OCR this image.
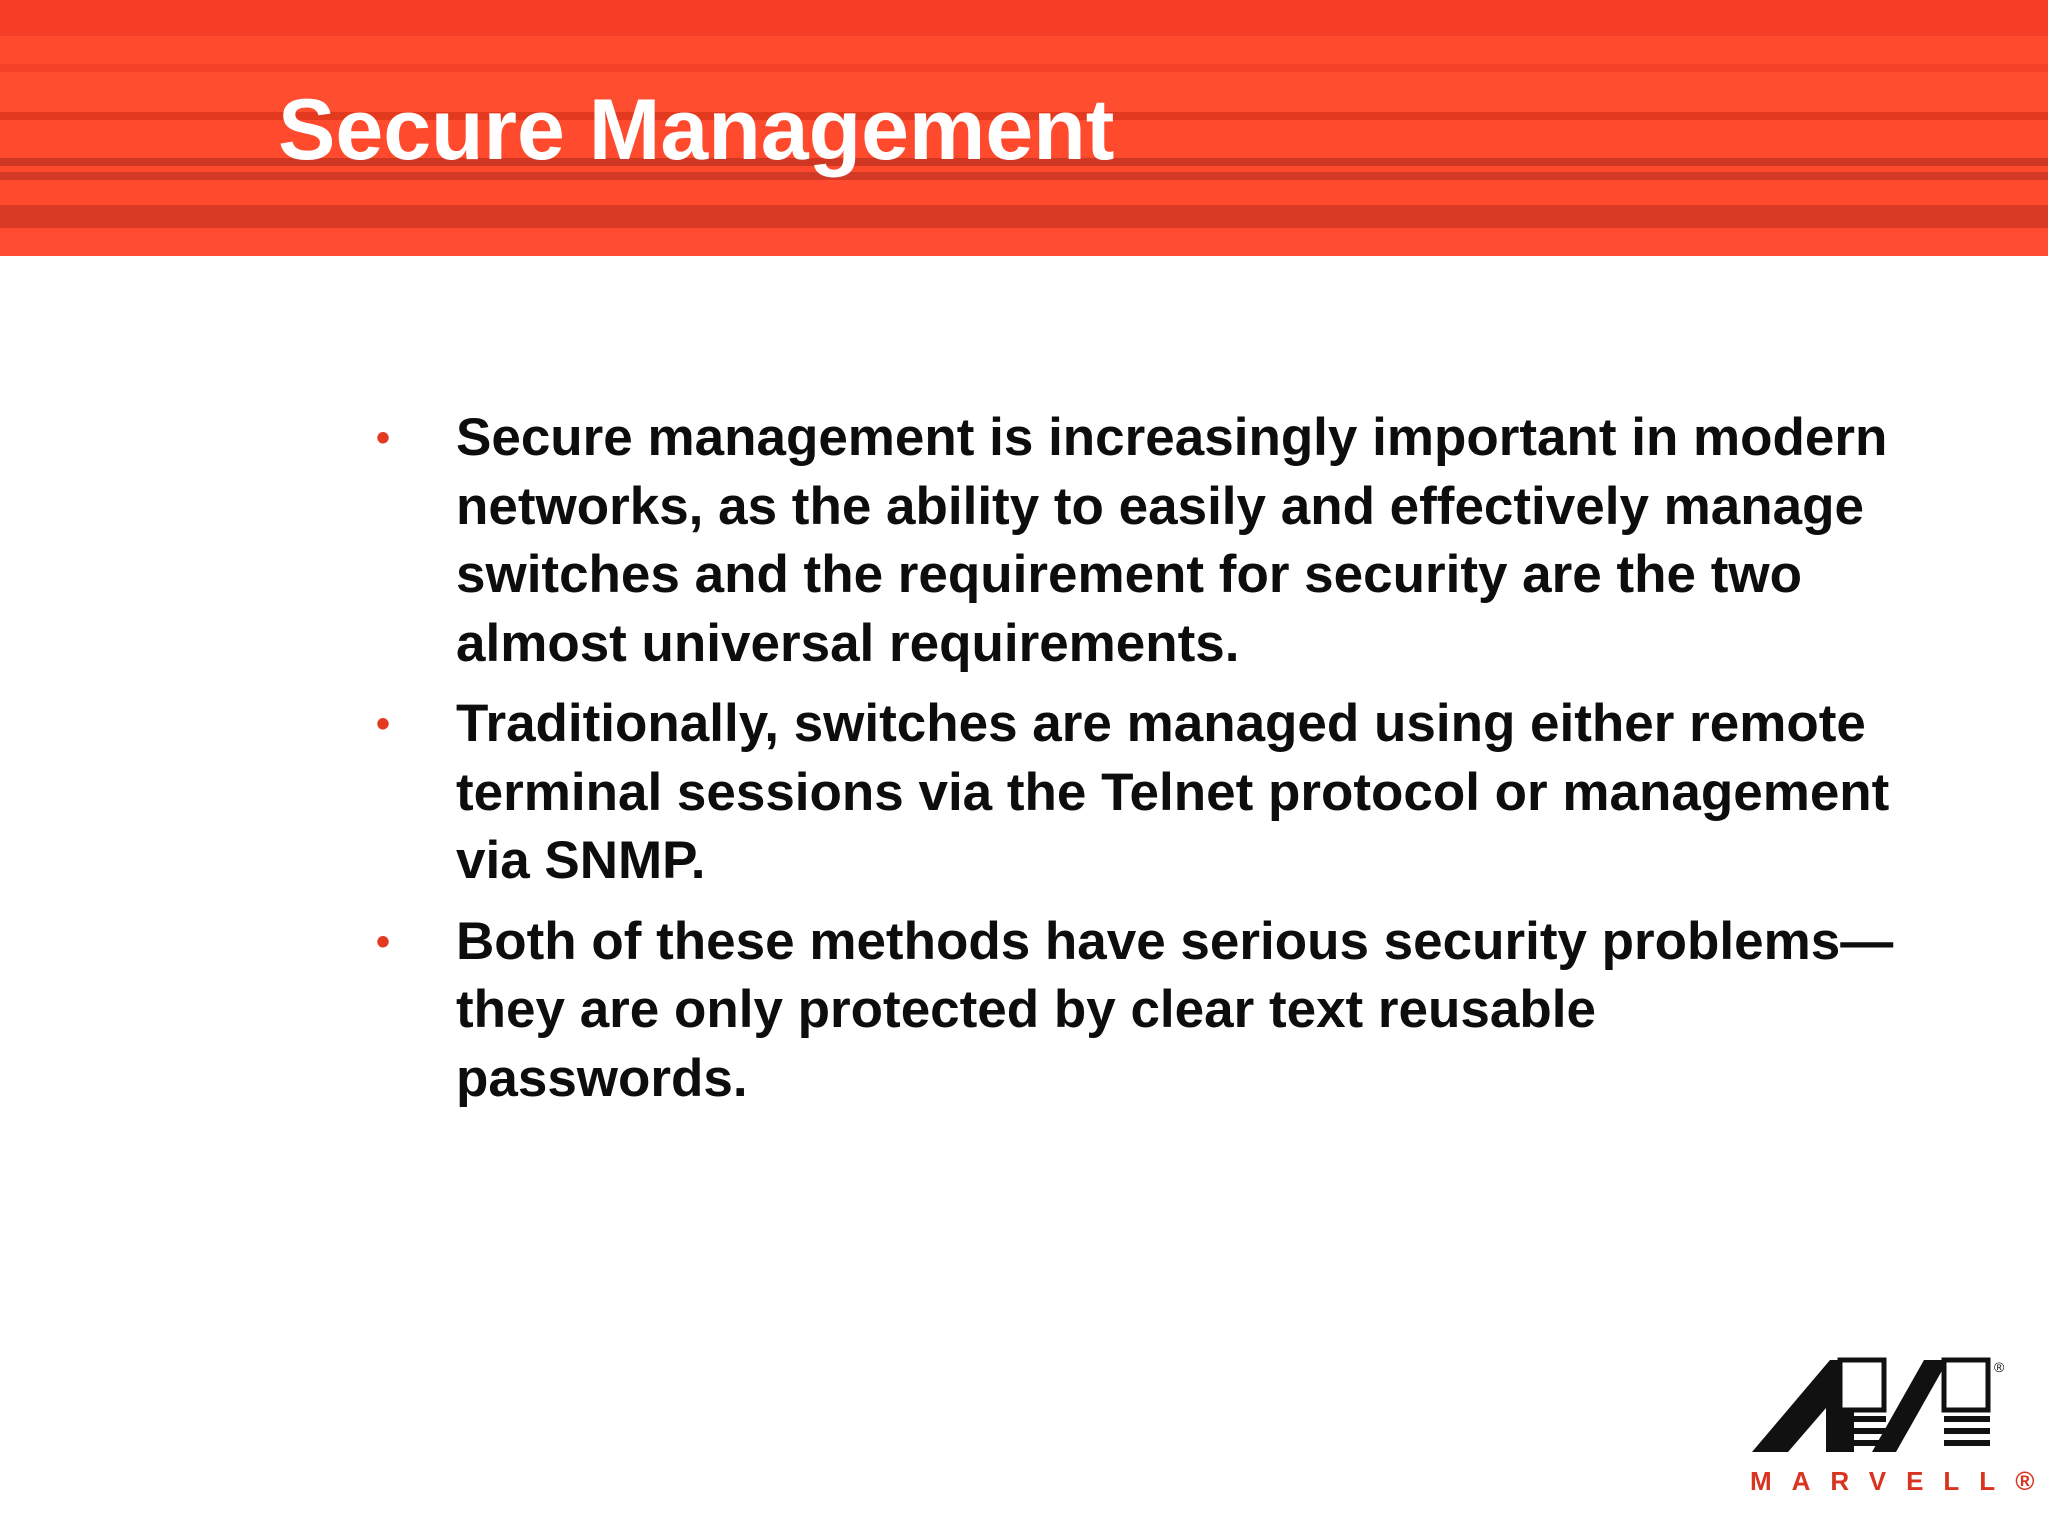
Secure Management
• Secure management is increasingly important in modern networks, as the ability to easily and effectively manage switches and the requirement for security are the two almost universal requirements.
• Traditionally, switches are managed using either remote terminal sessions via the Telnet protocol or management via SNMP.
• Both of these methods have serious security problems—they are only protected by clear text reusable passwords.
®
MARVELL®
